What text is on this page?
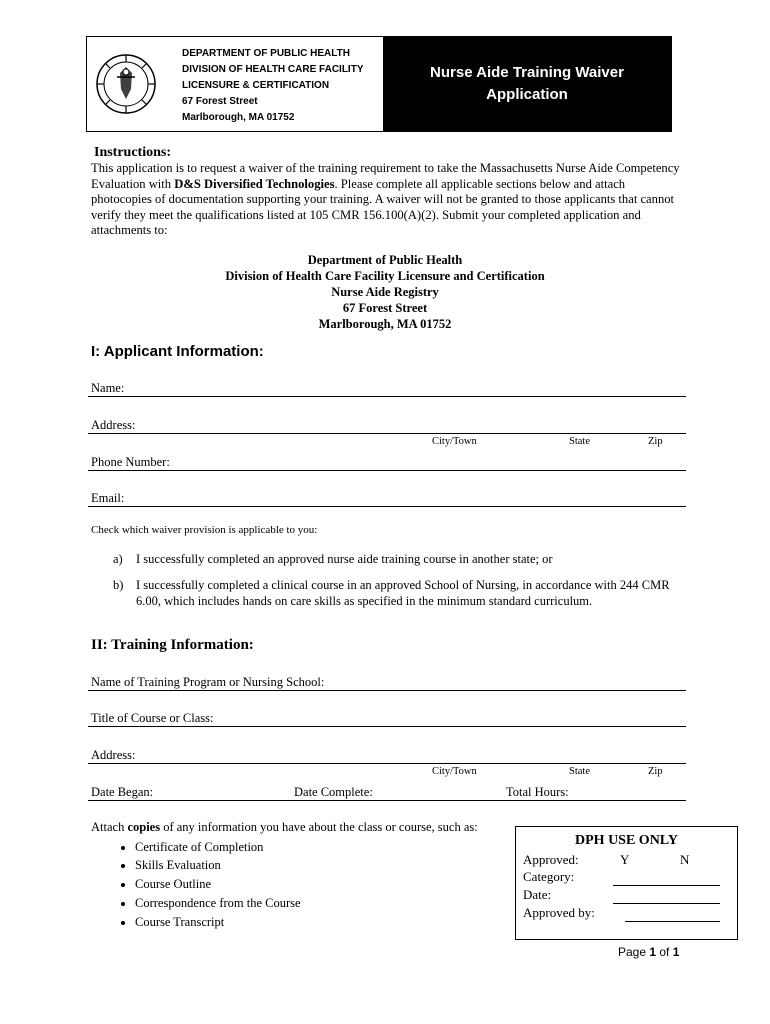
DEPARTMENT OF PUBLIC HEALTH
DIVISION OF HEALTH CARE FACILITY
LICENSURE & CERTIFICATION
67 Forest Street
Marlborough, MA 01752
Nurse Aide Training Waiver
Application
Instructions:
This application is to request a waiver of the training requirement to take the Massachusetts Nurse Aide Competency Evaluation with D&S Diversified Technologies. Please complete all applicable sections below and attach photocopies of documentation supporting your training. A waiver will not be granted to those applicants that cannot verify they meet the qualifications listed at 105 CMR 156.100(A)(2). Submit your completed application and attachments to:
Department of Public Health
Division of Health Care Facility Licensure and Certification
Nurse Aide Registry
67 Forest Street
Marlborough, MA 01752
I: Applicant Information:
Name:
Address:
City/Town	State	Zip
Phone Number:
Email:
Check which waiver provision is applicable to you:
a) I successfully completed an approved nurse aide training course in another state; or
b) I successfully completed a clinical course in an approved School of Nursing, in accordance with 244 CMR 6.00, which includes hands on care skills as specified in the minimum standard curriculum.
II: Training Information:
Name of Training Program or Nursing School:
Title of Course or Class:
Address:
City/Town	State	Zip
Date Began:	Date Complete:	Total Hours:
Attach copies of any information you have about the class or course, such as:
• Certificate of Completion
• Skills Evaluation
• Course Outline
• Correspondence from the Course
• Course Transcript
DPH USE ONLY
Approved:	Y	N
Category:
Date:
Approved by:
Page 1 of 1
